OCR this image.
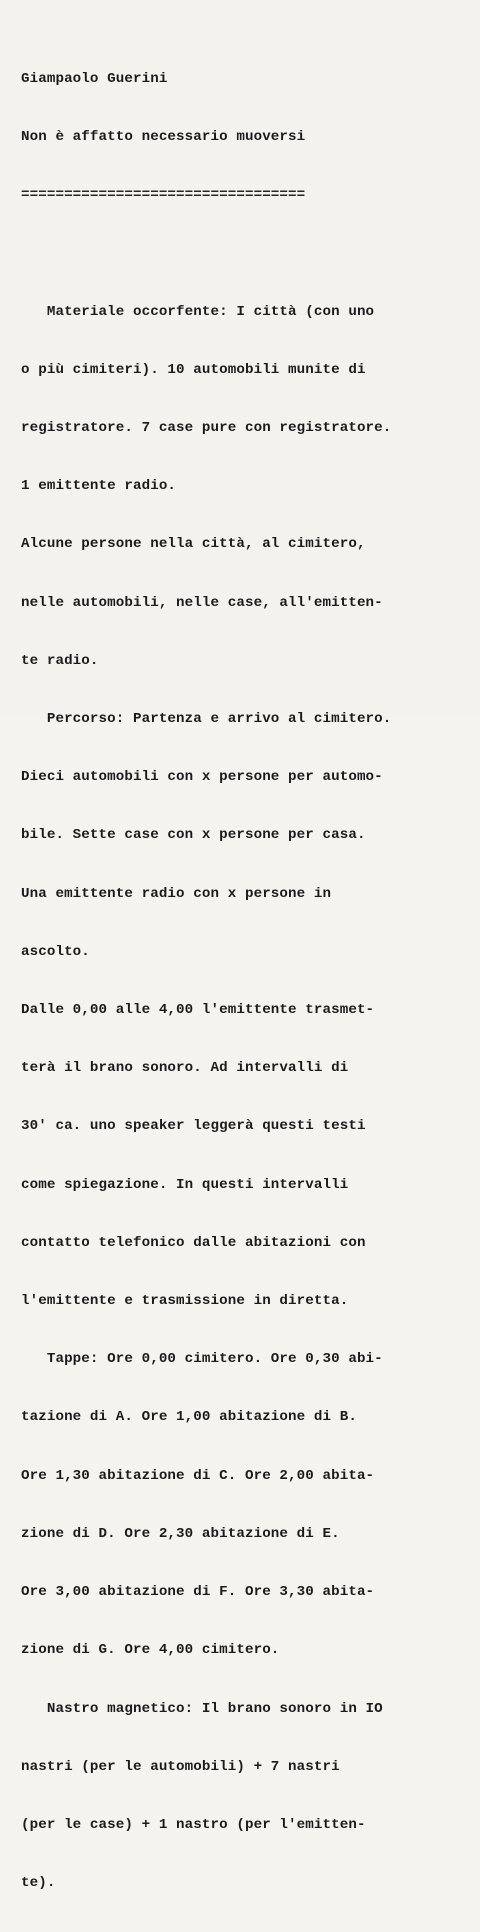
Giampaolo Guerini

Non è affatto necessario muoversi

=================================

Materiale occorfente: I città (con uno

o più cimiteri). 10 automobili munite di

registratore. 7 case pure con registratore.

1 emittente radio.

Alcune persone nella città, al cimitero,

nelle automobili, nelle case, all'emitten-

te radio.

Percorso: Partenza e arrivo al cimitero.

Dieci automobili con x persone per automo-

bile. Sette case con x persone per casa.

Una emittente radio con x persone in

ascolto.

Dalle 0,00 alle 4,00 l'emittente trasmet-

terà il brano sonoro. Ad intervalli di

30' ca. uno speaker leggerà questi testi

come spiegazione. In questi intervalli

contatto telefonico dalle abitazioni con

l'emittente e trasmissione in diretta.

Tappe: Ore 0,00 cimitero. Ore 0,30 abi-

tazione di A. Ore 1,00 abitazione di B.

Ore 1,30 abitazione di C. Ore 2,00 abita-

zione di D. Ore 2,30 abitazione di E.

Ore 3,00 abitazione di F. Ore 3,30 abita-

zione di G. Ore 4,00 cimitero.

Nastro magnetico: Il brano sonoro in IO

nastri (per le automobili) + 7 nastri

(per le case) + 1 nastro (per l'emitten-

te).
